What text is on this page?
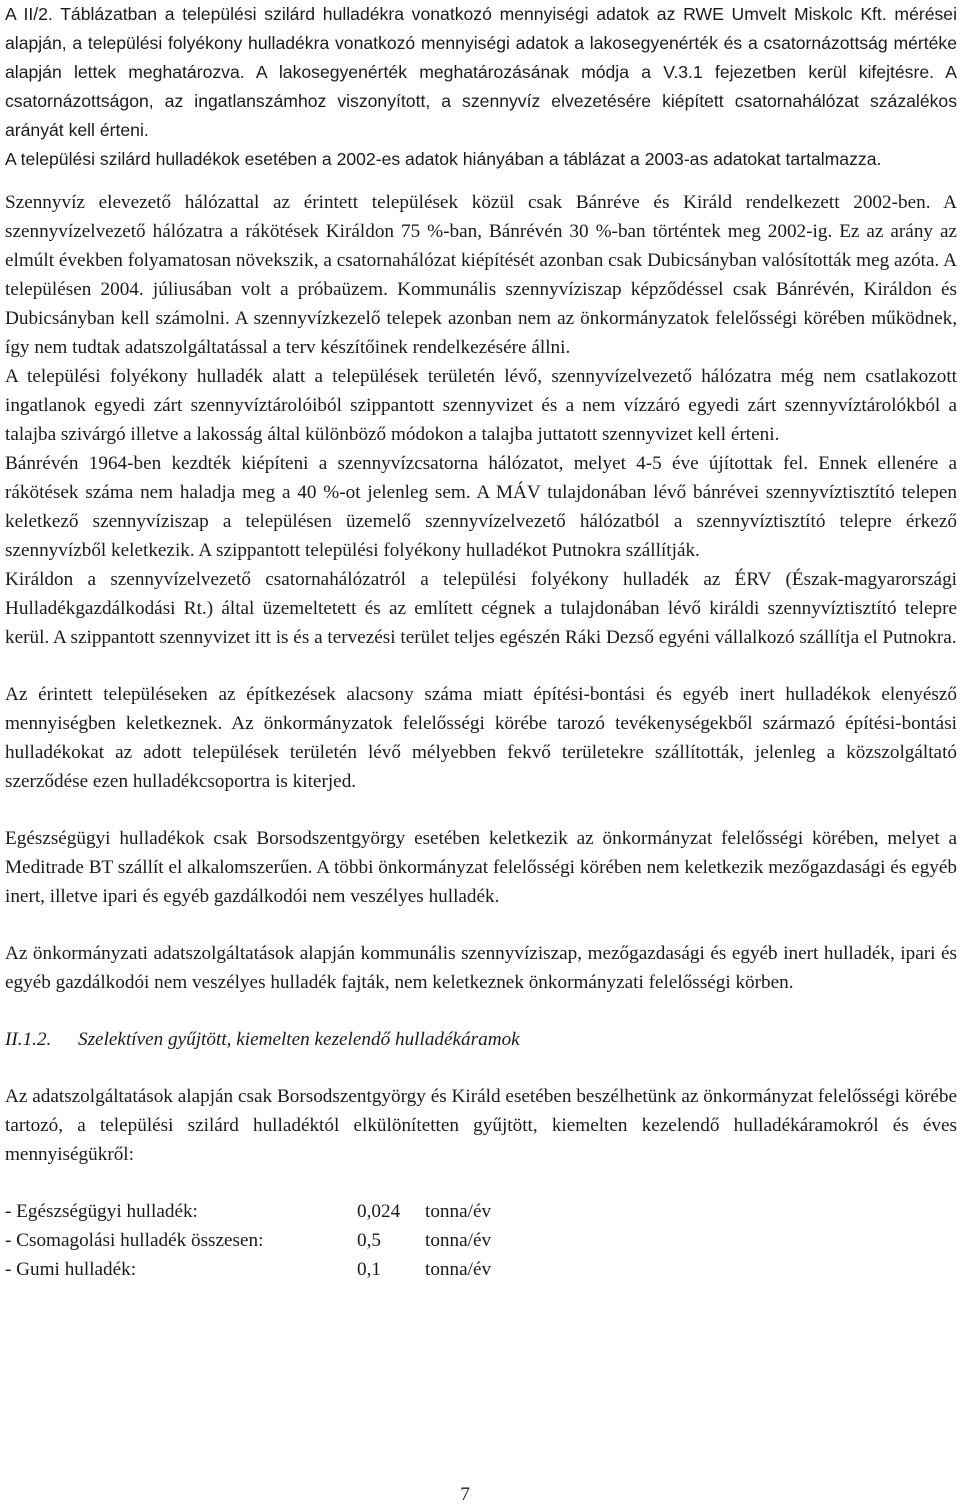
A II/2. Táblázatban a települési szilárd hulladékra vonatkozó mennyiségi adatok az RWE Umvelt Miskolc Kft. mérései alapján, a települési folyékony hulladékra vonatkozó mennyiségi adatok a lakosegyenérték és a csatornázottság mértéke alapján lettek meghatározva. A lakosegyenérték meghatározásának módja a V.3.1 fejezetben kerül kifejtésre. A csatornázottságon, az ingatlanszámhoz viszonyított, a szennyvíz elvezetésére kiépített csatornahálózat százalékos arányát kell érteni.

A települési szilárd hulladékok esetében a 2002-es adatok hiányában a táblázat a 2003-as adatokat tartalmazza.

Szennyvíz elevezető hálózattal az érintett települések közül csak Bánréve és Királd rendelkezett 2002-ben. A szennyvízelvezető hálózatra a rákötések Királdon 75 %-ban, Bánrévén 30 %-ban történtek meg 2002-ig. Ez az arány az elmúlt években folyamatosan növekszik, a csatornahálózat kiépítését azonban csak Dubicsányban valósították meg azóta. A településen 2004. júliusában volt a próbaüzem. Kommunális szennyvíziszap képződéssel csak Bánrévén, Királdon és Dubicsányban kell számolni. A szennyvízkezelő telepek azonban nem az önkormányzatok felelősségi körében működnek, így nem tudtak adatszolgáltatással a terv készítőinek rendelkezésére állni.

A települési folyékony hulladék alatt a települések területén lévő, szennyvízelvezető hálózatra még nem csatlakozott ingatlanok egyedi zárt szennyvíztárolóiból szippantott szennyvizet és a nem vízzáró egyedi zárt szennyvíztárolókból a talajba szivárgó illetve a lakosság által különböző módokon a talajba juttatott szennyvizet kell érteni.

Bánrévén 1964-ben kezdték kiépíteni a szennyvízcsatorna hálózatot, melyet 4-5 éve újítottak fel. Ennek ellenére a rákötések száma nem haladja meg a 40 %-ot jelenleg sem. A MÁV tulajdonában lévő bánrévei szennyvíztisztító telepen keletkező szennyvíziszap a településen üzemelő szennyvízelvezető hálózatból a szennyvíztisztító telepre érkező szennyvízből keletkezik. A szippantott települési folyékony hulladékot Putnokra szállítják.

Királdon a szennyvízelvezető csatornahálózatról a települési folyékony hulladék az ÉRV (Észak-magyarországi Hulladékgazdálkodási Rt.) által üzemeltetett és az említett cégnek a tulajdonában lévő királdi szennyvíztisztító telepre kerül. A szippantott szennyvizet itt is és a tervezési terület teljes egészén Ráki Dezső egyéni vállalkozó szállítja el Putnokra.

Az érintett településeken az építkezések alacsony száma miatt építési-bontási és egyéb inert hulladékok elenyésző mennyiségben keletkeznek. Az önkormányzatok felelősségi körébe tarozó tevékenységekből származó építési-bontási hulladékokat az adott települések területén lévő mélyebben fekvő területekre szállították, jelenleg a közszolgáltató szerződése ezen hulladékcsoportra is kiterjed.

Egészségügyi hulladékok csak Borsodszentgyörgy esetében keletkezik az önkormányzat felelősségi körében, melyet a Meditrade BT szállít el alkalomszerűen. A többi önkormányzat felelősségi körében nem keletkezik mezőgazdasági és egyéb inert, illetve ipari és egyéb gazdálkodói nem veszélyes hulladék.

Az önkormányzati adatszolgáltatások alapján kommunális szennyvíziszap, mezőgazdasági és egyéb inert hulladék, ipari és egyéb gazdálkodói nem veszélyes hulladék fajták, nem keletkeznek önkormányzati felelősségi körben.

II.1.2. Szelektíven gyűjtött, kiemelten kezelendő hulladékáramok

Az adatszolgáltatások alapján csak Borsodszentgyörgy és Királd esetében beszélhetünk az önkormányzat felelősségi körébe tartozó, a települési szilárd hulladéktól elkülönítetten gyűjtött, kiemelten kezelendő hulladékáramokról és éves mennyiségükről:

- Egészségügyi hulladék:	0,024	tonna/év
- Csomagolási hulladék összesen:	0,5	tonna/év
- Gumi hulladék:	0,1	tonna/év
7
